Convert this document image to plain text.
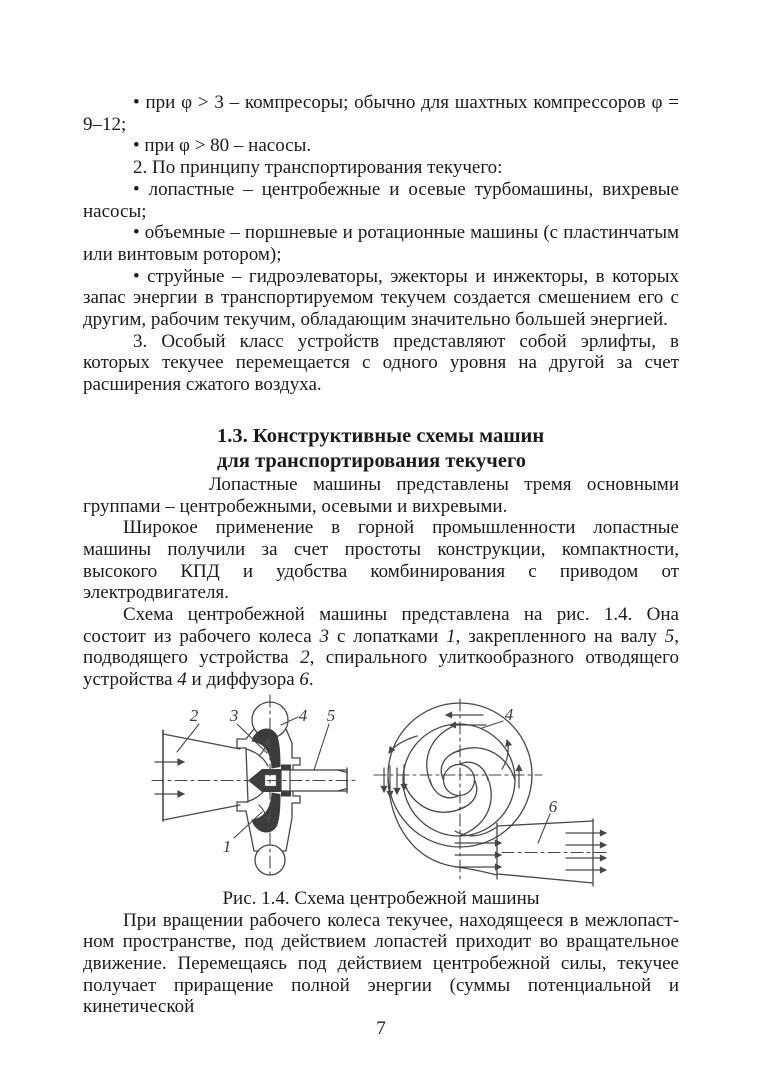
• при φ > 3 – компресоры; обычно для шахтных компрессоров φ = 9–12;

• при φ > 80 – насосы.

2. По принципу транспортирования текучего:

• лопастные – центробежные и осевые турбомашины, вихревые насосы;

• объемные – поршневые и ротационные машины (с пластинчатым или винтовым ротором);

• струйные – гидроэлеваторы, эжекторы и инжекторы, в которых запас энергии в транспортируемом текучем создается смешением его с другим, рабочим текучим, обладающим значительно большей энергией.

3. Особый класс устройств представляют собой эрлифты, в которых текучее перемещается с одного уровня на другой за счет расширения сжатого воздуха.

1.3. Конструктивные схемы машин
для транспортирования текучего

Лопастные машины представлены тремя основными группами – центробежными, осевыми и вихревыми.

Широкое применение в горной промышленности лопастные машины получили за счет простоты конструкции, компактности, высокого КПД и удобства комбинирования с приводом от электродвигателя.

Схема центробежной машины представлена на рис. 1.4. Она состоит из рабочего колеса 3 с лопатками 1, закрепленного на валу 5, подводящего устройства 2, спирального улиткообразного отводящего устройства 4 и диффузора 6.

2 3	4 5
1
4
6

Рис. 1.4. Схема центробежной машины

При вращении рабочего колеса текучее, находящееся в межлопастном пространстве, под действием лопастей приходит во вращательное движение. Перемещаясь под действием центробежной силы, текучее получает приращение полной энергии (суммы потенциальной и кинетической

7
